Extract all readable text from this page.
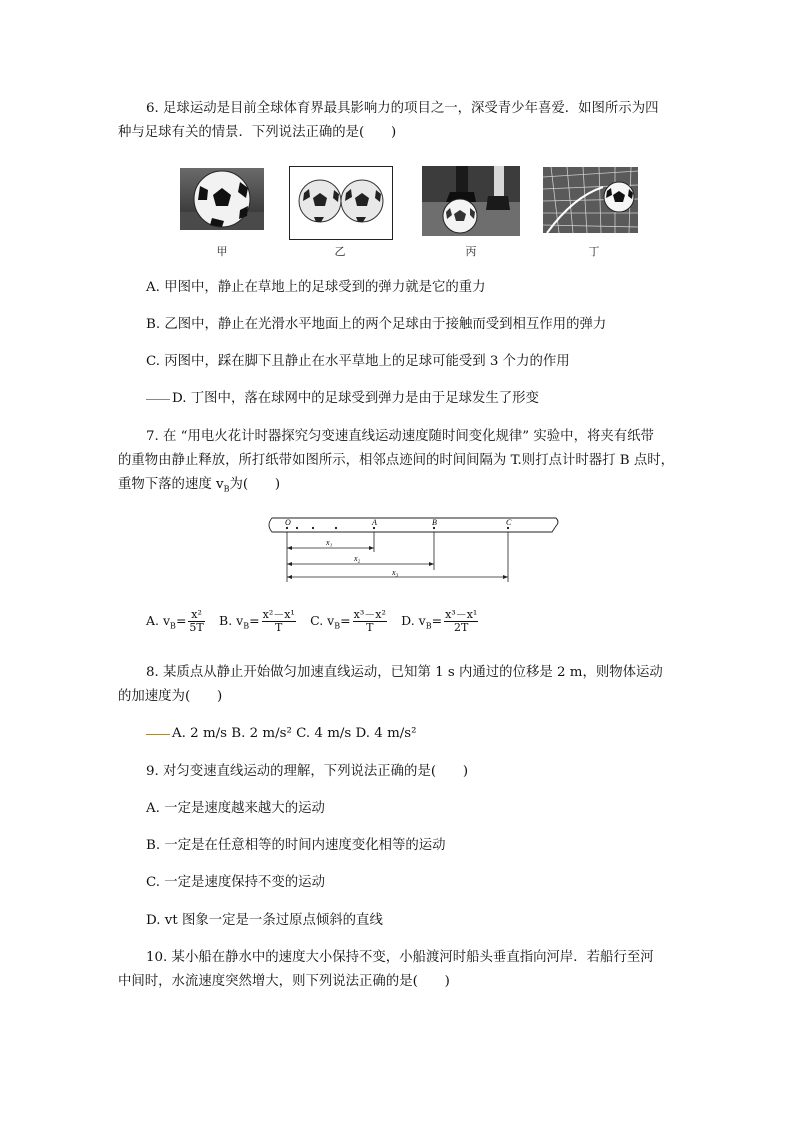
6. 足球运动是目前全球体育界最具影响力的项目之一，深受青少年喜爱．如图所示为四
种与足球有关的情景．下列说法正确的是(　　)
甲	乙	丙	丁
A. 甲图中，静止在草地上的足球受到的弹力就是它的重力
B. 乙图中，静止在光滑水平地面上的两个足球由于接触而受到相互作用的弹力
C. 丙图中，踩在脚下且静止在水平草地上的足球可能受到 3 个力的作用
D. 丁图中，落在球网中的足球受到弹力是由于足球发生了形变
7. 在 “用电火花计时器探究匀变速直线运动速度随时间变化规律” 实验中，将夹有纸带
的重物由静止释放，所打纸带如图所示，相邻点迹间的时间间隔为 T.则打点计时器打 B 点时，
重物下落的速度 $v_B$为(　　)
O	A	B	C
x₁
x₂
x₃
A. $v_B= \frac{\text{x²}}{5T} B$. $v_B= \frac{\text{x²－x¹}}{T} C$. $v_B= \frac{\text{x³－x²}}{T} D$. $v_B= \frac{\text{x³－x¹}}{2T}$
8. 某质点从静止开始做匀加速直线运动，已知第 1 s 内通过的位移是 2 m，则物体运动
的加速度为(　　)
A. 2 m/s B. 2 m/s² C. 4 m/s D. 4 m/s²
9. 对匀变速直线运动的理解，下列说法正确的是(　　)
A. 一定是速度越来越大的运动
B. 一定是在任意相等的时间内速度变化相等的运动
C. 一定是速度保持不变的运动
D. vt 图象一定是一条过原点倾斜的直线
10. 某小船在静水中的速度大小保持不变，小船渡河时船头垂直指向河岸．若船行至河
中间时，水流速度突然增大，则下列说法正确的是(　　)
